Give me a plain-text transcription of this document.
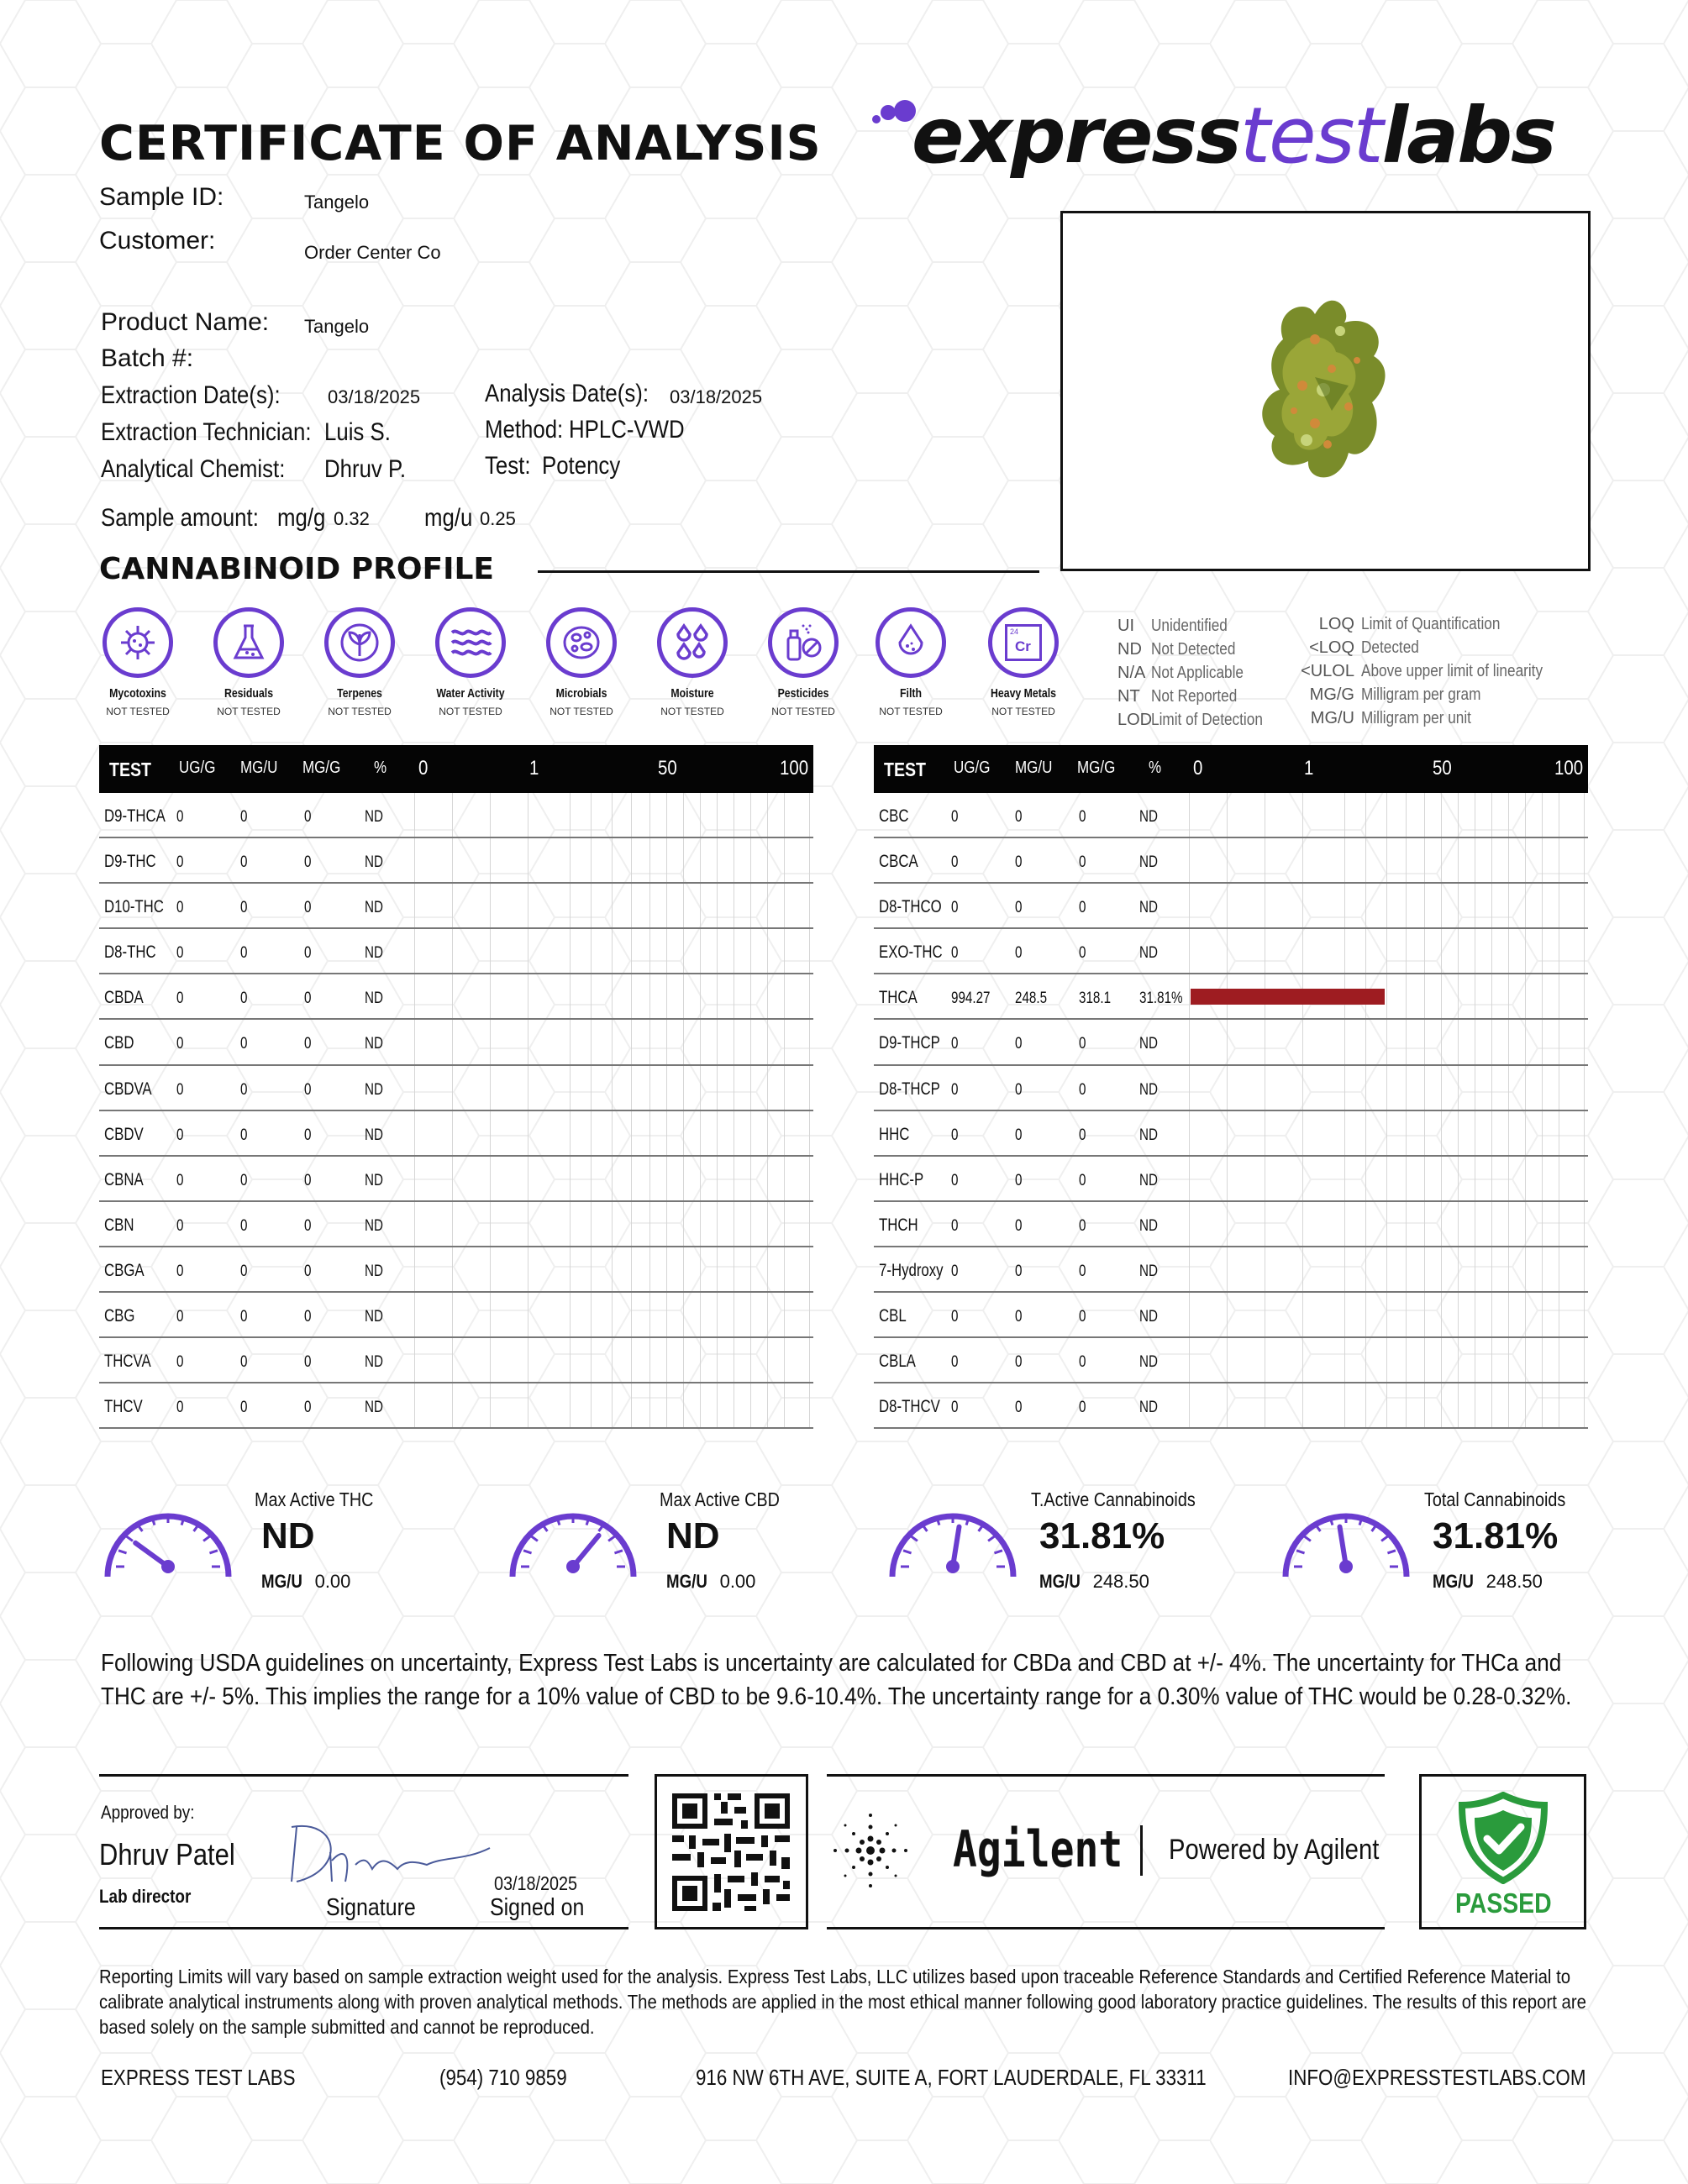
CERTIFICATE OF ANALYSIS expresstestlabs
Sample ID:	Tangelo
Customer:	Order Center Co
Product Name: Tangelo
Batch #:
Extraction Date(s):	03/18/2025	Analysis Date(s):	03/18/2025
Extraction Technician: Luis S.	Method: HPLC-VWD
Analytical Chemist:	Dhruv P.	Test: Potency
Sample amount: mg/g 0.32 mg/u 0.25
CANNABINOID PROFILE
Mycotoxins
NOT TESTED
Residuals
NOT TESTED
Terpenes
NOT TESTED
Water Activity
NOT TESTED
Microbials
NOT TESTED
Moisture
NOT TESTED
Pesticides
NOT TESTED
Filth
NOT TESTED
24
Cr
Heavy Metals
NOT TESTED
UI Unidentified
ND Not Detected
N/A Not Applicable
NT Not Reported
LODLimit of Detection
LOQ Limit of Quantification
<LOQ Detected
<ULOL Above upper limit of linearity
MG/G Milligram per gram
MG/U Milligram per unit
TEST UG/G MG/U MG/G % 0	1	50	100
D9-THCA 0	0	0	ND
D9-THC 0	0	0	ND
D10-THC 0	0	0	ND
D8-THC 0	0	0	ND
CBDA 0	0	0	ND
CBD	0	0	0	ND
CBDVA 0	0	0	ND
CBDV 0	0	0	ND
CBNA 0	0	0	ND
CBN	0	0	0	ND
CBGA 0	0	0	ND
CBG	0	0	0	ND
THCVA 0	0	0	ND
THCV 0	0	0	ND
TEST UG/G MG/U MG/G % 0	1	50	100
CBC	0	0	0	ND
CBCA 0	0	0	ND
D8-THCO 0	0	0	ND
EXO-THC 0	0	0	ND
THCA 994.27 248.5 318.1 31.81%
D9-THCP 0	0	0	ND
D8-THCP 0	0	0	ND
HHC	0	0	0	ND
HHC-P 0	0	0	ND
THCH 0	0	0	ND
7-Hydroxy 0	0	0	ND
CBL	0	0	0	ND
CBLA 0	0	0	ND
D8-THCV 0	0	0	ND
Max Active THC
ND
MG/U 0.00
Max Active CBD
ND
MG/U 0.00
T.Active Cannabinoids
31.81%
MG/U 248.50
Total Cannabinoids
31.81%
MG/U 248.50
Following USDA guidelines on uncertainty, Express Test Labs is uncertainty are calculated for CBDa and CBD at +/- 4%. The uncertainty for THCa and THC are +/- 5%. This implies the range for a 10% value of CBD to be 9.6-10.4%. The uncertainty range for a 0.30% value of THC would be 0.28-0.32%.
Approved by:
Dhruv Patel
Lab director	Signature
03/18/2025
Signed on
Agilent	Powered by Agilent
PASSED
Reporting Limits will vary based on sample extraction weight used for the analysis. Express Test Labs, LLC utilizes based upon traceable Reference Standards and Certified Reference Material to calibrate analytical instruments along with proven analytical methods. The methods are applied in the most ethical manner following good laboratory practice guidelines. The results of this report are based solely on the sample submitted and cannot be reproduced.
EXPRESS TEST LABS	(954) 710 9859	916 NW 6TH AVE, SUITE A, FORT LAUDERDALE, FL 33311	INFO@EXPRESSTESTLABS.COM
